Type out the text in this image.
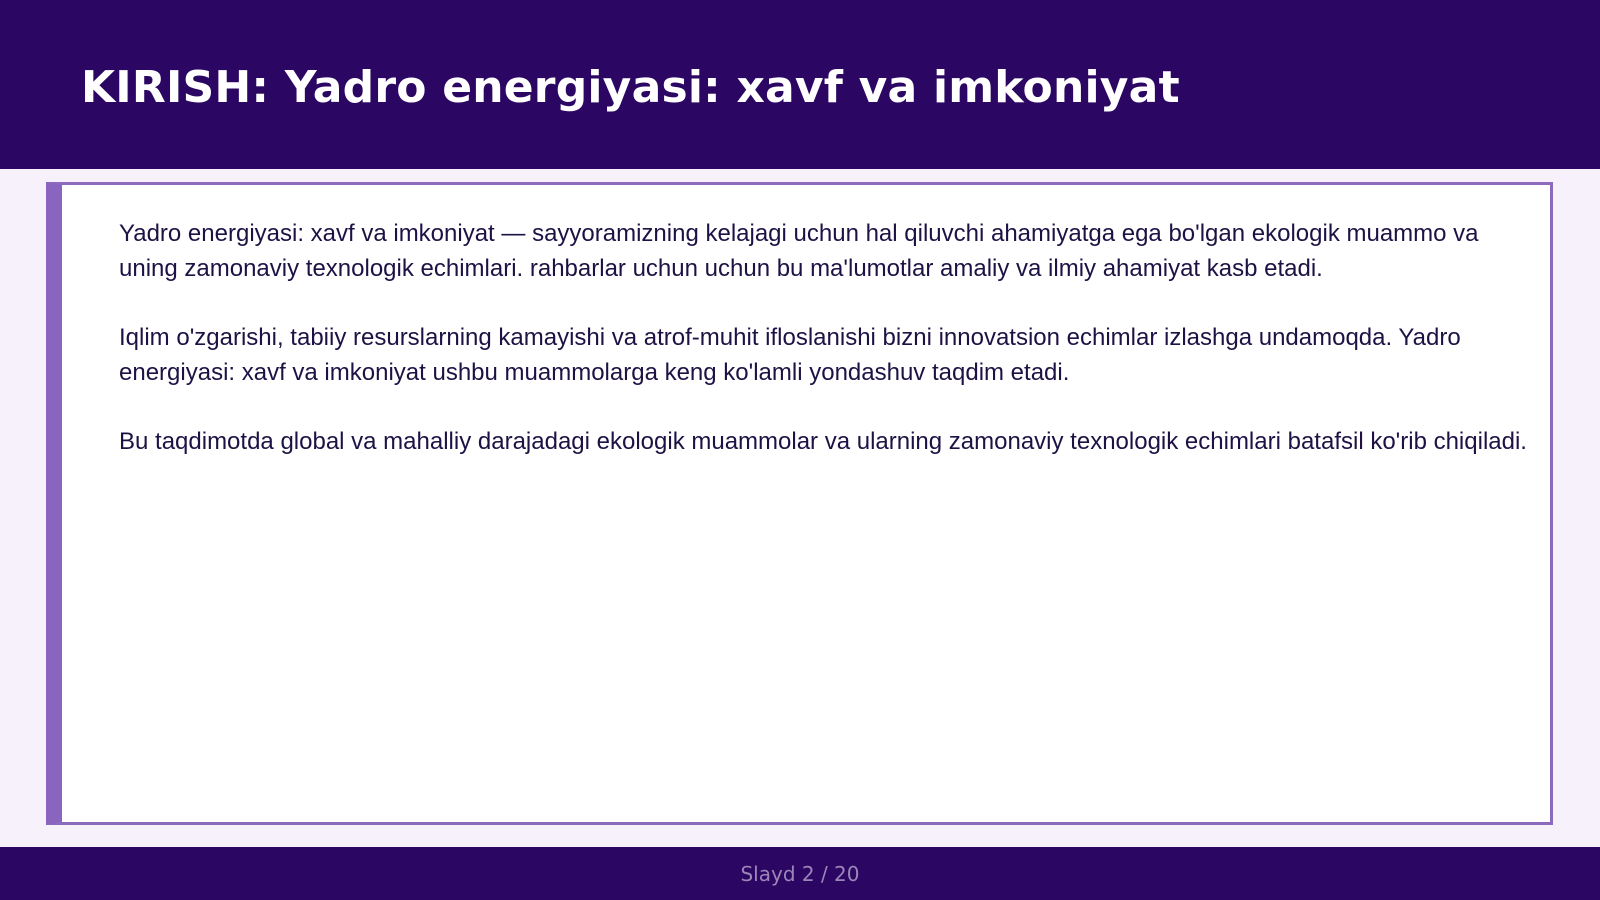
KIRISH: Yadro energiyasi: xavf va imkoniyat

Yadro energiyasi: xavf va imkoniyat — sayyoramizning kelajagi uchun hal qiluvchi ahamiyatga ega bo'lgan ekologik muammo va uning zamonaviy texnologik echimlari. rahbarlar uchun uchun bu ma'lumotlar amaliy va ilmiy ahamiyat kasb etadi.

Iqlim o'zgarishi, tabiiy resurslarning kamayishi va atrof-muhit ifloslanishi bizni innovatsion echimlar izlashga undamoqda. Yadro energiyasi: xavf va imkoniyat ushbu muammolarga keng ko'lamli yondashuv taqdim etadi.

Bu taqdimotda global va mahalliy darajadagi ekologik muammolar va ularning zamonaviy texnologik echimlari batafsil ko'rib chiqiladi.

Slayd 2 / 20
